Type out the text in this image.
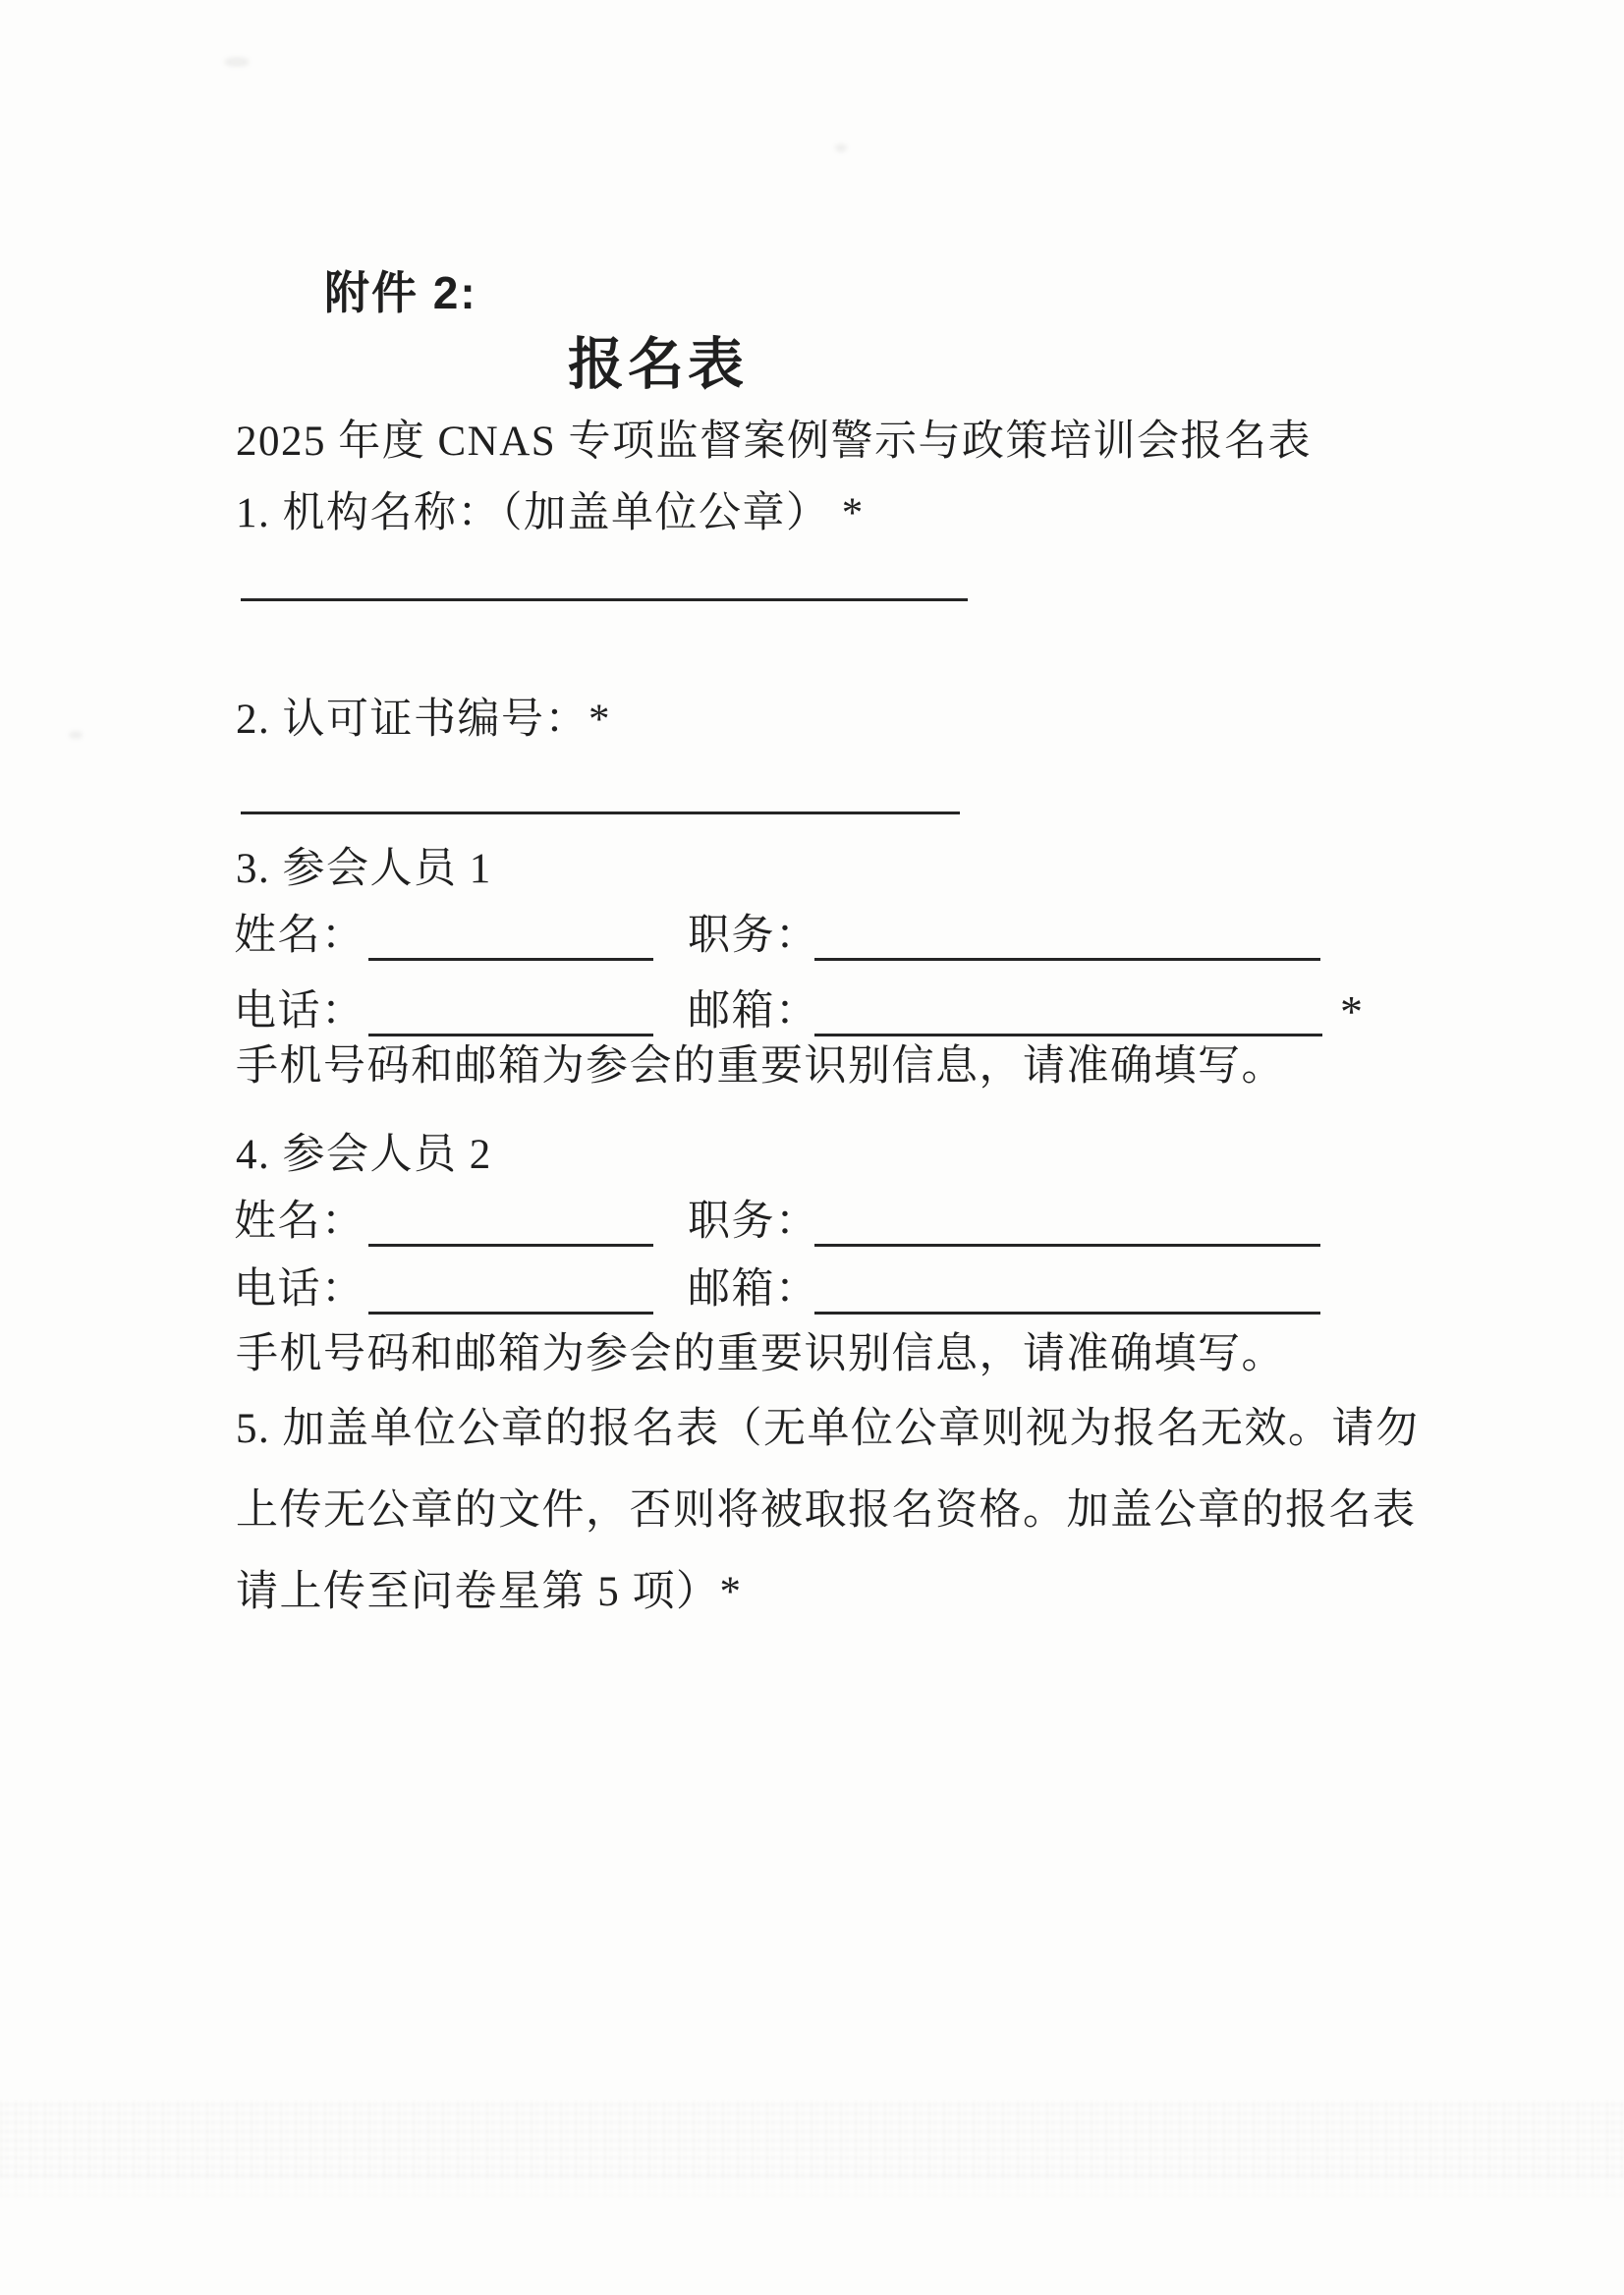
附件 2:
报名表
2025 年度 CNAS 专项监督案例警示与政策培训会报名表
1. 机构名称：（加盖单位公章） *
2. 认可证书编号：*
3. 参会人员 1
姓名：	职务：
电话：	邮箱：	*
手机号码和邮箱为参会的重要识别信息，请准确填写。
4. 参会人员 2
姓名：	职务：
电话：	邮箱：
手机号码和邮箱为参会的重要识别信息，请准确填写。
5. 加盖单位公章的报名表（无单位公章则视为报名无效。请勿
上传无公章的文件，否则将被取报名资格。加盖公章的报名表
请上传至问卷星第 5 项）*
